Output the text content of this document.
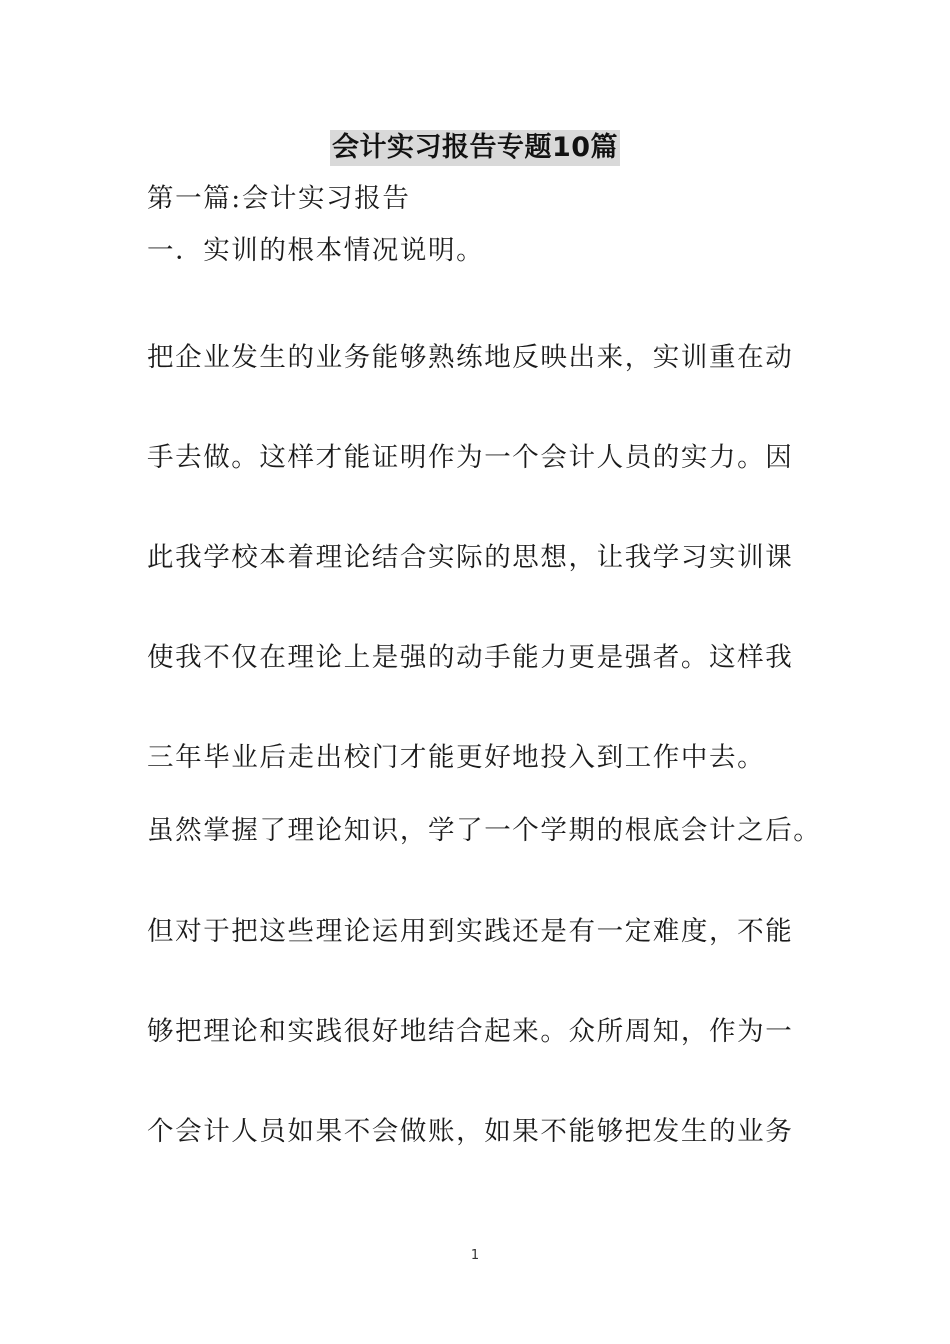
会计实习报告专题10篇
第一篇:会计实习报告
一．实训的根本情况说明。
把企业发生的业务能够熟练地反映出来，实训重在动
手去做。这样才能证明作为一个会计人员的实力。因
此我学校本着理论结合实际的思想，让我学习实训课
使我不仅在理论上是强的动手能力更是强者。这样我
三年毕业后走出校门才能更好地投入到工作中去。
虽然掌握了理论知识，学了一个学期的根底会计之后。
但对于把这些理论运用到实践还是有一定难度，不能
够把理论和实践很好地结合起来。众所周知，作为一
个会计人员如果不会做账，如果不能够把发生的业务
1
